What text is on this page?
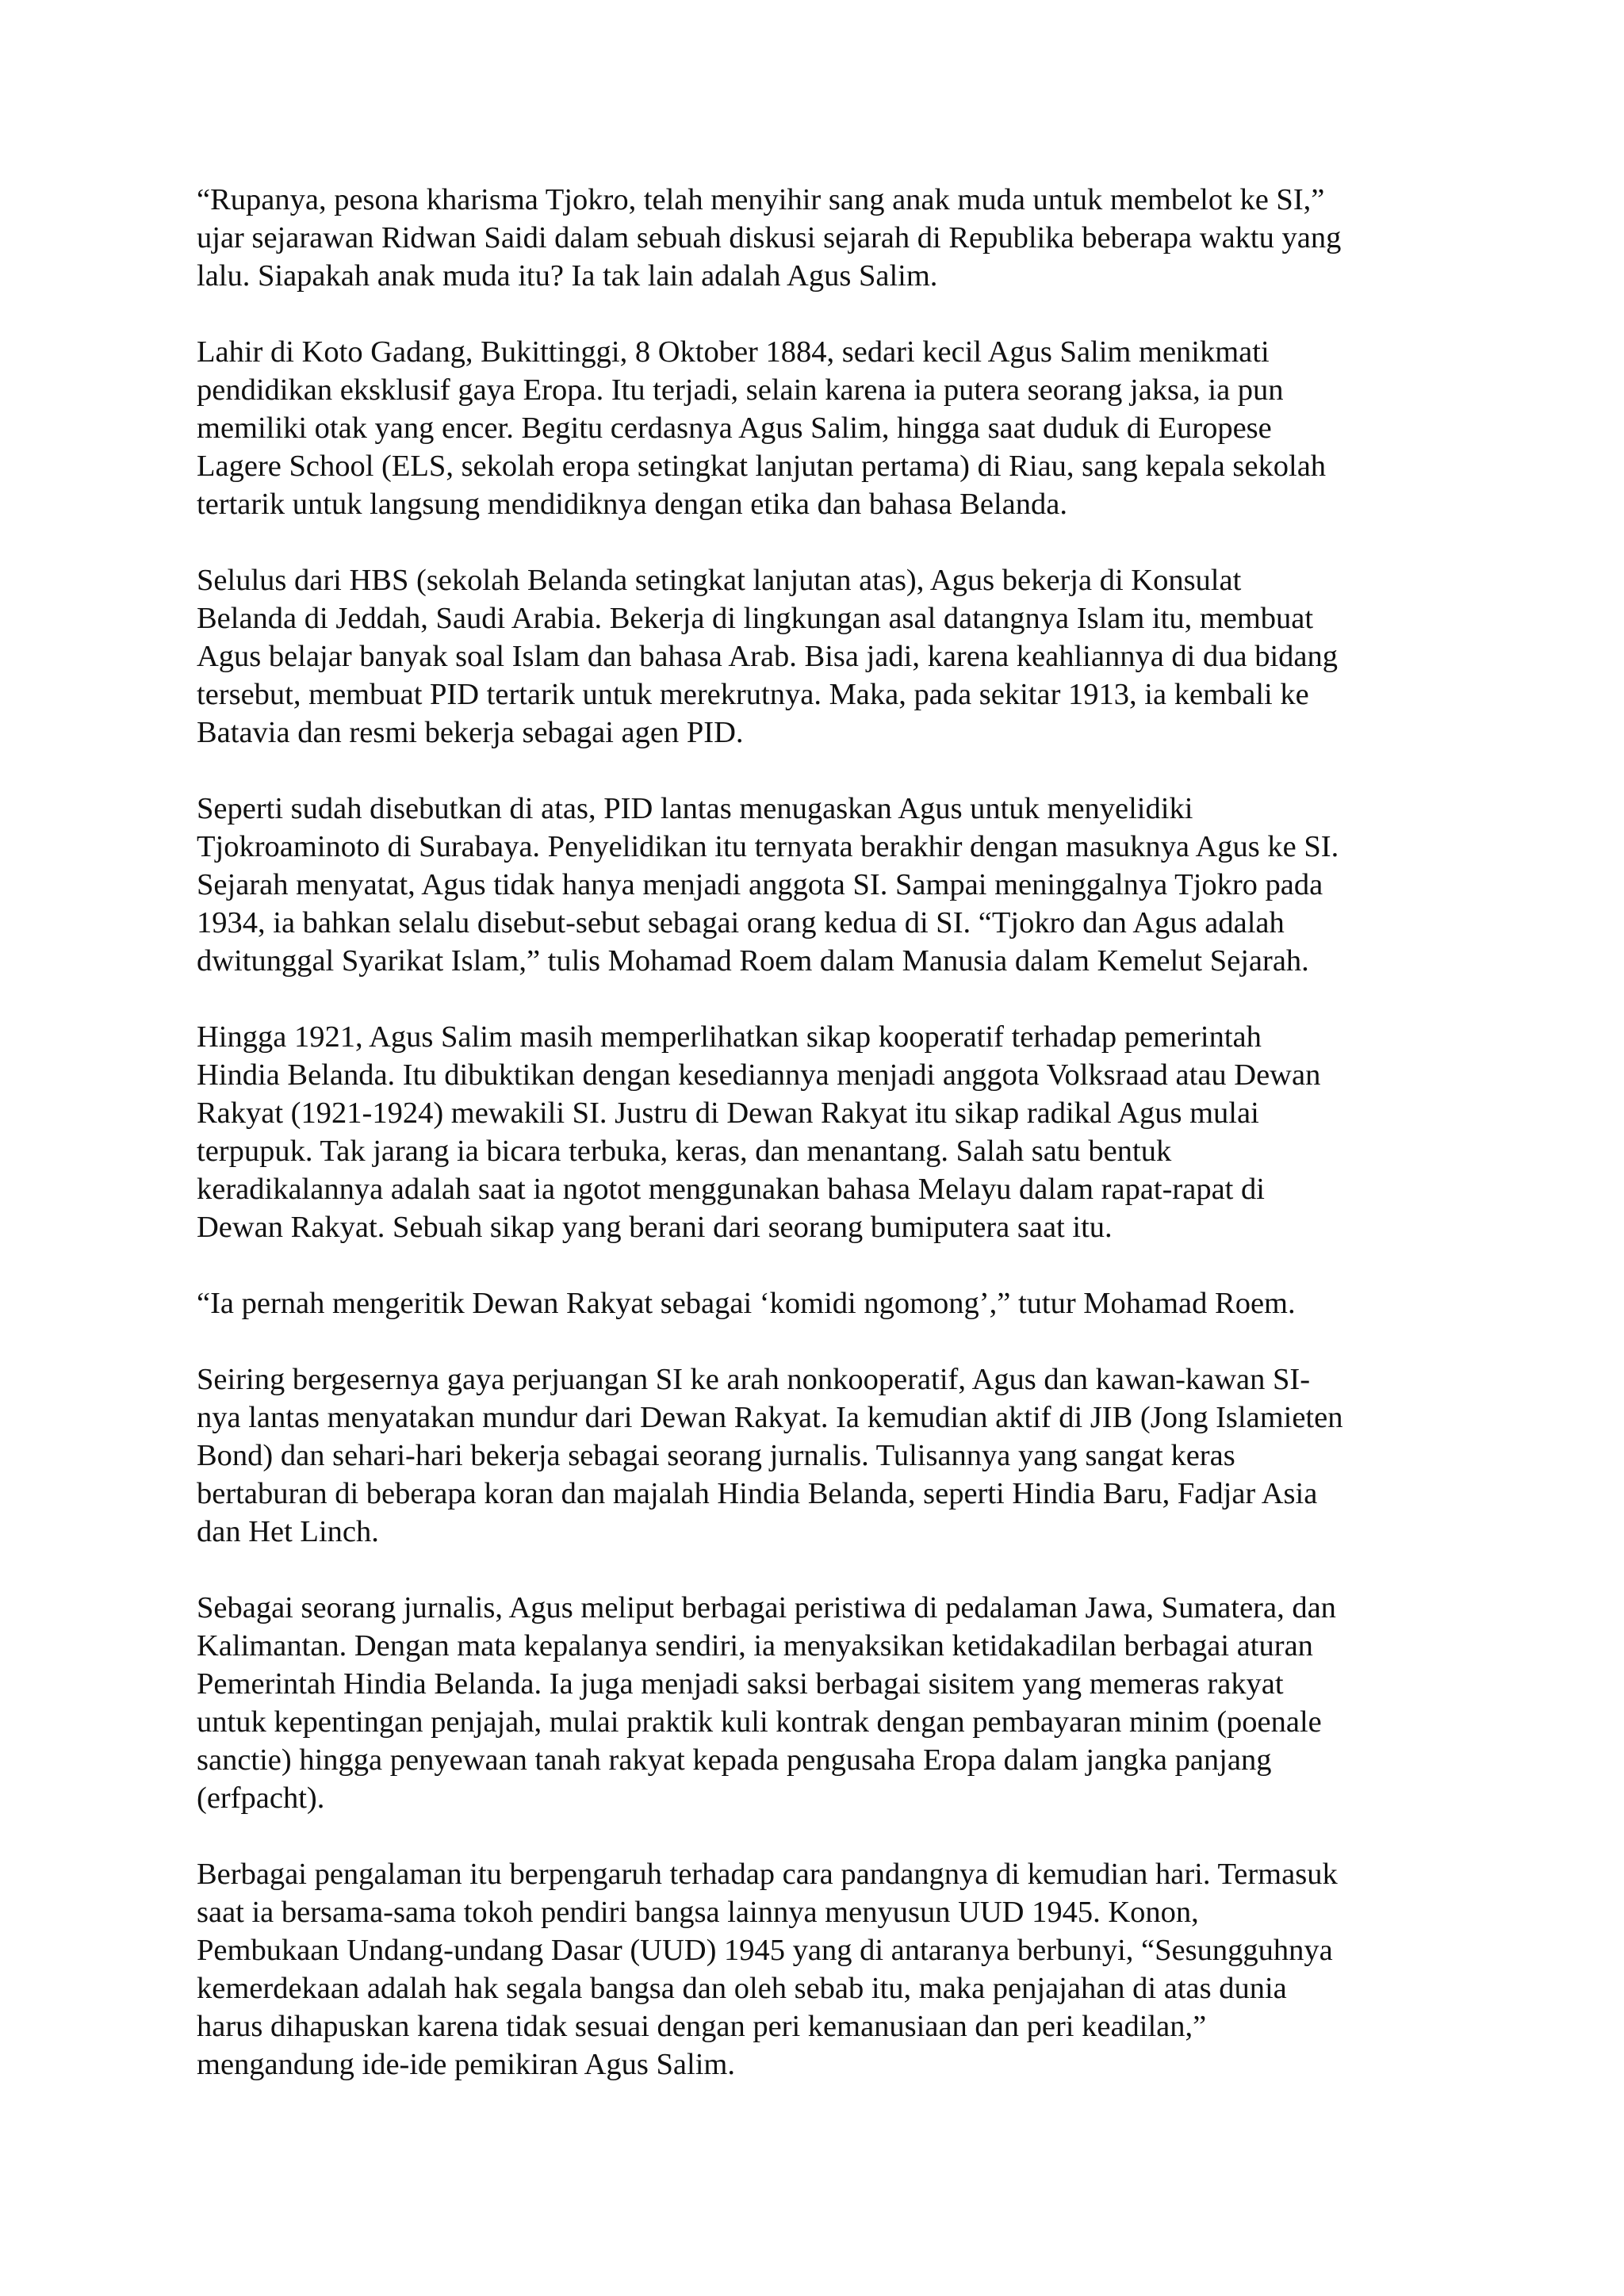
“Rupanya, pesona kharisma Tjokro, telah menyihir sang anak muda untuk membelot ke SI,”
ujar sejarawan Ridwan Saidi dalam sebuah diskusi sejarah di Republika beberapa waktu yang
lalu. Siapakah anak muda itu? Ia tak lain adalah Agus Salim.
Lahir di Koto Gadang, Bukittinggi, 8 Oktober 1884, sedari kecil Agus Salim menikmati
pendidikan eksklusif gaya Eropa. Itu terjadi, selain karena ia putera seorang jaksa, ia pun
memiliki otak yang encer. Begitu cerdasnya Agus Salim, hingga saat duduk di Europese
Lagere School (ELS, sekolah eropa setingkat lanjutan pertama) di Riau, sang kepala sekolah
tertarik untuk langsung mendidiknya dengan etika dan bahasa Belanda.
Selulus dari HBS (sekolah Belanda setingkat lanjutan atas), Agus bekerja di Konsulat
Belanda di Jeddah, Saudi Arabia. Bekerja di lingkungan asal datangnya Islam itu, membuat
Agus belajar banyak soal Islam dan bahasa Arab. Bisa jadi, karena keahliannya di dua bidang
tersebut, membuat PID tertarik untuk merekrutnya. Maka, pada sekitar 1913, ia kembali ke
Batavia dan resmi bekerja sebagai agen PID.
Seperti sudah disebutkan di atas, PID lantas menugaskan Agus untuk menyelidiki
Tjokroaminoto di Surabaya. Penyelidikan itu ternyata berakhir dengan masuknya Agus ke SI.
Sejarah menyatat, Agus tidak hanya menjadi anggota SI. Sampai meninggalnya Tjokro pada
1934, ia bahkan selalu disebut-sebut sebagai orang kedua di SI. “Tjokro dan Agus adalah
dwitunggal Syarikat Islam,” tulis Mohamad Roem dalam Manusia dalam Kemelut Sejarah.
Hingga 1921, Agus Salim masih memperlihatkan sikap kooperatif terhadap pemerintah
Hindia Belanda. Itu dibuktikan dengan kesediannya menjadi anggota Volksraad atau Dewan
Rakyat (1921-1924) mewakili SI. Justru di Dewan Rakyat itu sikap radikal Agus mulai
terpupuk. Tak jarang ia bicara terbuka, keras, dan menantang. Salah satu bentuk
keradikalannya adalah saat ia ngotot menggunakan bahasa Melayu dalam rapat-rapat di
Dewan Rakyat. Sebuah sikap yang berani dari seorang bumiputera saat itu.
“Ia pernah mengeritik Dewan Rakyat sebagai ‘komidi ngomong’,” tutur Mohamad Roem.
Seiring bergesernya gaya perjuangan SI ke arah nonkooperatif, Agus dan kawan-kawan SI-
nya lantas menyatakan mundur dari Dewan Rakyat. Ia kemudian aktif di JIB (Jong Islamieten
Bond) dan sehari-hari bekerja sebagai seorang jurnalis. Tulisannya yang sangat keras
bertaburan di beberapa koran dan majalah Hindia Belanda, seperti Hindia Baru, Fadjar Asia
dan Het Linch.
Sebagai seorang jurnalis, Agus meliput berbagai peristiwa di pedalaman Jawa, Sumatera, dan
Kalimantan. Dengan mata kepalanya sendiri, ia menyaksikan ketidakadilan berbagai aturan
Pemerintah Hindia Belanda. Ia juga menjadi saksi berbagai sisitem yang memeras rakyat
untuk kepentingan penjajah, mulai praktik kuli kontrak dengan pembayaran minim (poenale
sanctie) hingga penyewaan tanah rakyat kepada pengusaha Eropa dalam jangka panjang
(erfpacht).
Berbagai pengalaman itu berpengaruh terhadap cara pandangnya di kemudian hari. Termasuk
saat ia bersama-sama tokoh pendiri bangsa lainnya menyusun UUD 1945. Konon,
Pembukaan Undang-undang Dasar (UUD) 1945 yang di antaranya berbunyi, “Sesungguhnya
kemerdekaan adalah hak segala bangsa dan oleh sebab itu, maka penjajahan di atas dunia
harus dihapuskan karena tidak sesuai dengan peri kemanusiaan dan peri keadilan,”
mengandung ide-ide pemikiran Agus Salim.
